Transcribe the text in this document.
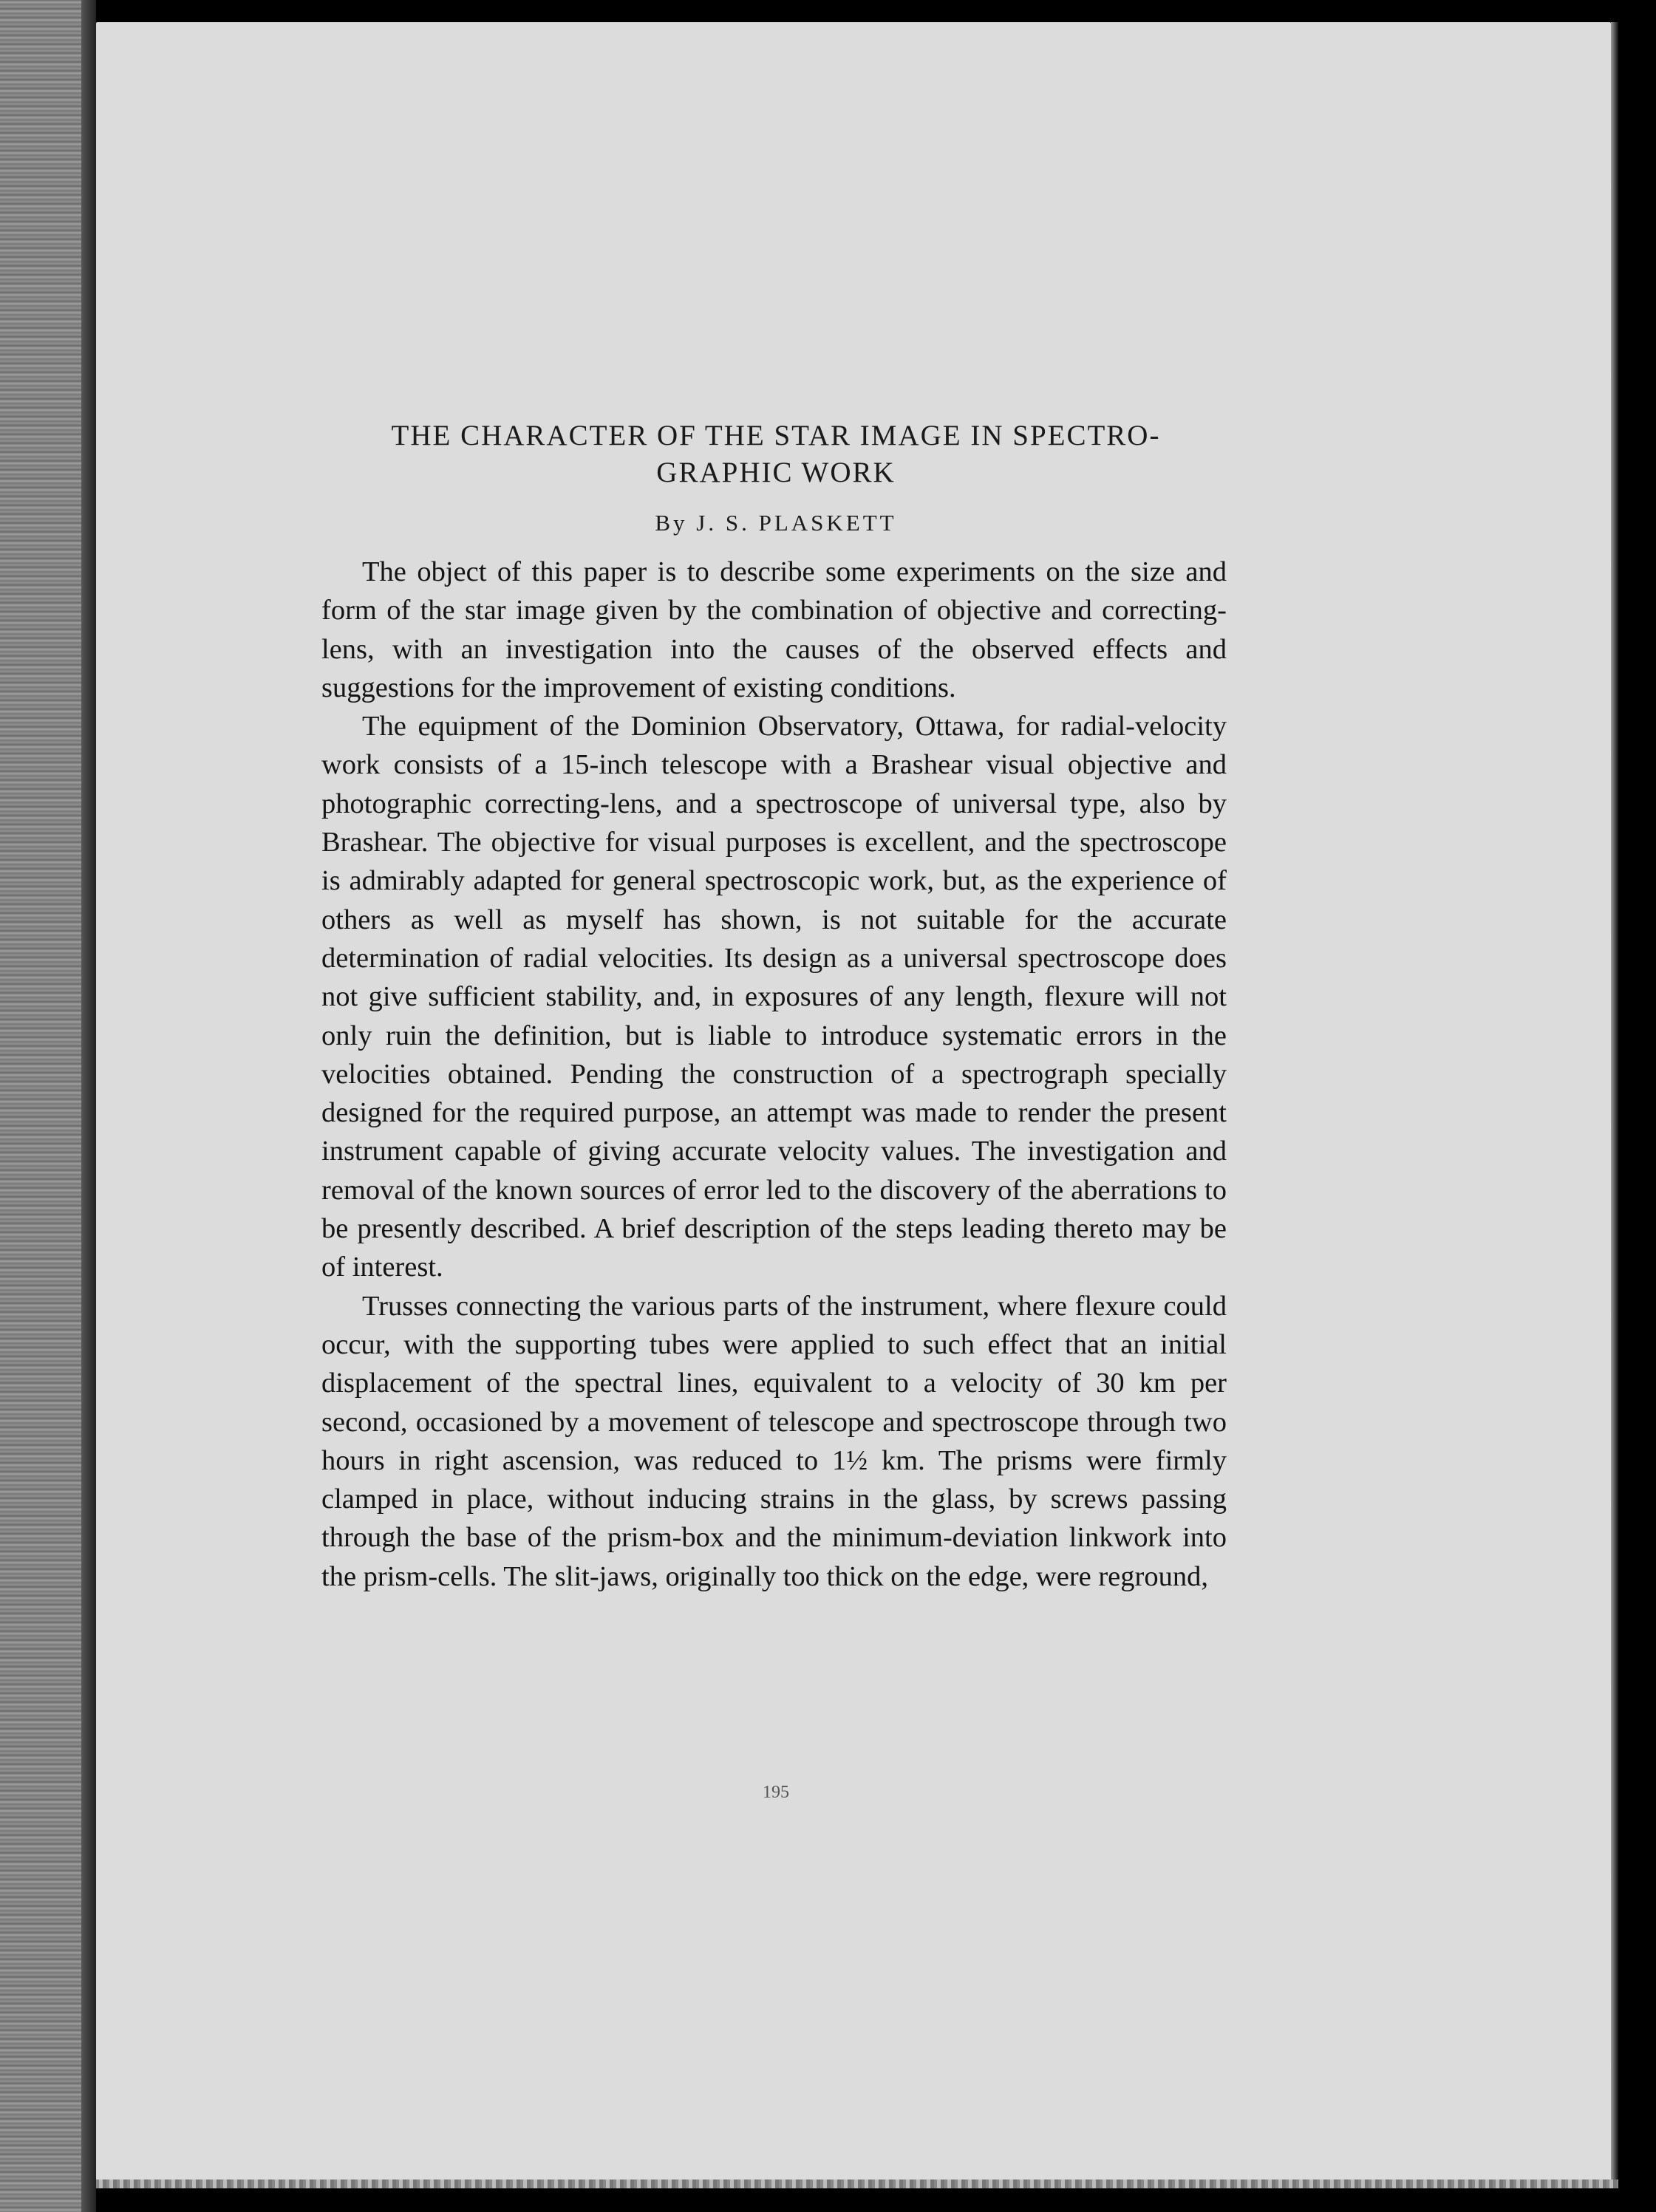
THE CHARACTER OF THE STAR IMAGE IN SPECTRO-
GRAPHIC WORK
By J. S. PLASKETT

The object of this paper is to describe some experiments on the size and form of the star image given by the combination of objective and correcting-lens, with an investigation into the causes of the observed effects and suggestions for the improvement of existing conditions.

The equipment of the Dominion Observatory, Ottawa, for radial-velocity work consists of a 15-inch telescope with a Brashear visual objective and photographic correcting-lens, and a spectroscope of universal type, also by Brashear. The objective for visual purposes is excellent, and the spectroscope is admirably adapted for general spectroscopic work, but, as the experience of others as well as myself has shown, is not suitable for the accurate determination of radial velocities. Its design as a universal spectroscope does not give sufficient stability, and, in exposures of any length, flexure will not only ruin the definition, but is liable to introduce systematic errors in the velocities obtained. Pending the construction of a spectrograph specially designed for the required purpose, an attempt was made to render the present instrument capable of giving accurate velocity values. The investigation and removal of the known sources of error led to the discovery of the aberrations to be presently described. A brief description of the steps leading thereto may be of interest.

Trusses connecting the various parts of the instrument, where flexure could occur, with the supporting tubes were applied to such effect that an initial displacement of the spectral lines, equivalent to a velocity of 30 km per second, occasioned by a movement of telescope and spectroscope through two hours in right ascension, was reduced to 1½ km. The prisms were firmly clamped in place, without inducing strains in the glass, by screws passing through the base of the prism-box and the minimum-deviation linkwork into the prism-cells. The slit-jaws, originally too thick on the edge, were reground,

195
